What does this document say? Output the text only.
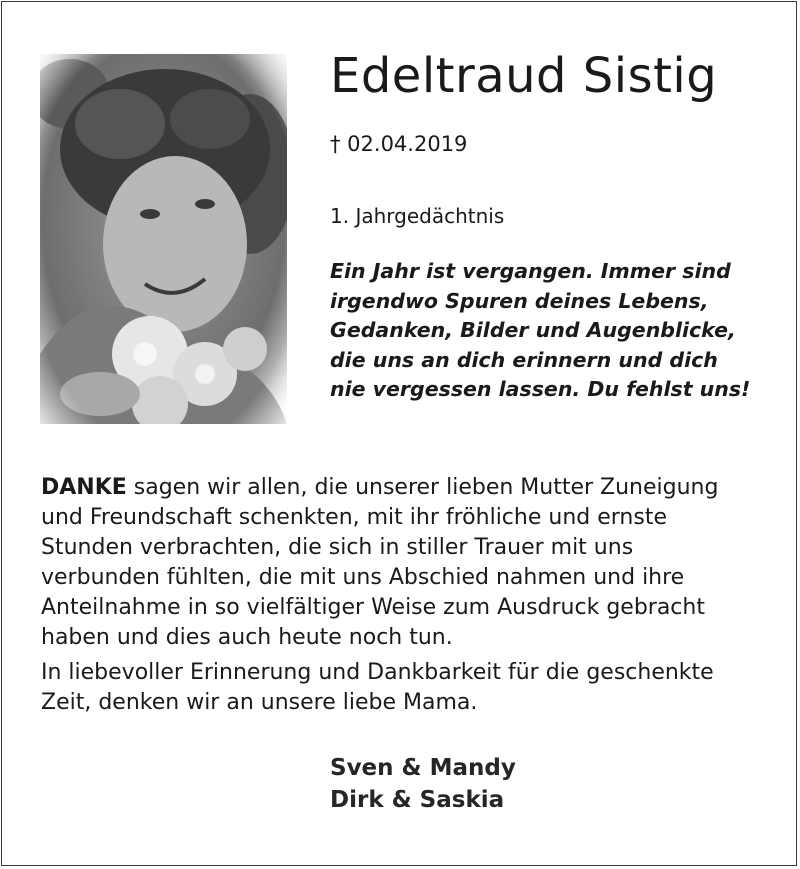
Edeltraud Sistig
† 02.04.2019
1. Jahrgedächtnis

Ein Jahr ist vergangen. Immer sind
irgendwo Spuren deines Lebens,
Gedanken, Bilder und Augenblicke,
die uns an dich erinnern und dich
nie vergessen lassen. Du fehlst uns!

DANKE sagen wir allen, die unserer lieben Mutter Zuneigung
und Freundschaft schenkten, mit ihr fröhliche und ernste
Stunden verbrachten, die sich in stiller Trauer mit uns
verbunden fühlten, die mit uns Abschied nahmen und ihre
Anteilnahme in so vielfältiger Weise zum Ausdruck gebracht
haben und dies auch heute noch tun.

In liebevoller Erinnerung und Dankbarkeit für die geschenkte
Zeit, denken wir an unsere liebe Mama.

Sven & Mandy
Dirk & Saskia
